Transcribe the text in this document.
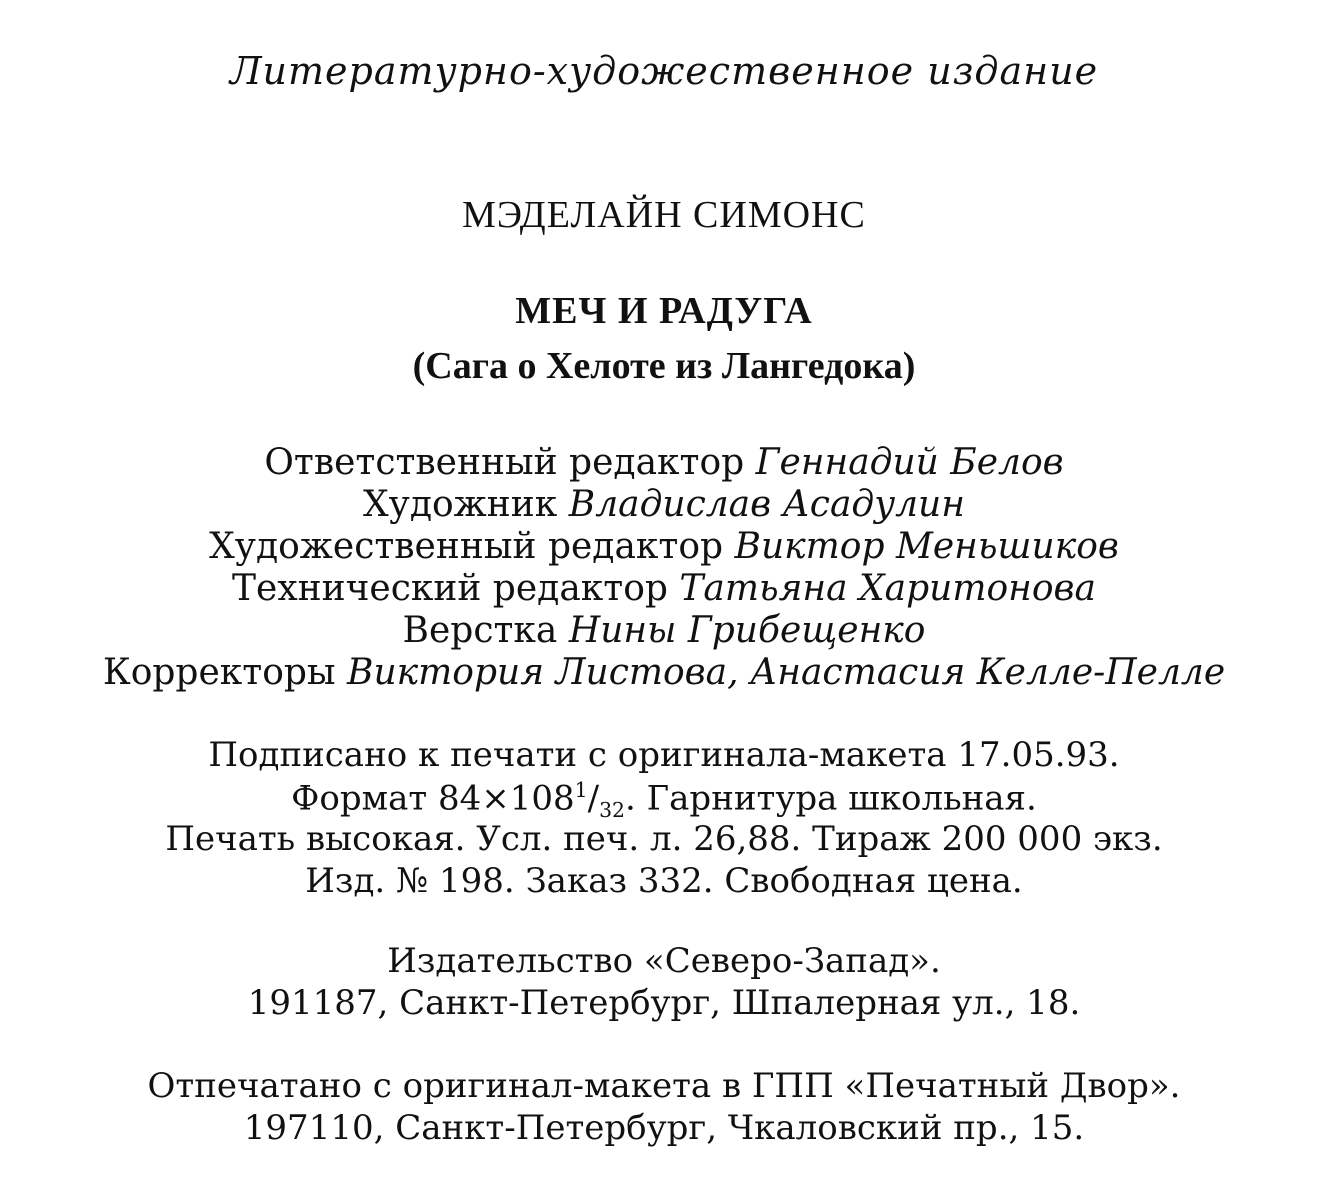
Литературно-художественное издание
МЭДЕЛАЙН СИМОНС
МЕЧ И РАДУГА
(Сага о Хелоте из Лангедока)
Ответственный редактор Геннадий Белов
Художник Владислав Асадулин
Художественный редактор Виктор Меньшиков
Технический редактор Татьяна Харитонова
Верстка Нины Грибещенко
Корректоры Виктория Листова, Анастасия Келле-Пелле
Подписано к печати с оригинала-макета 17.05.93.
Формат $84\times 108^1/_{32}$. Гарнитура школьная.
Печать высокая. Усл. печ. л. 26,88. Тираж 200 000 экз.
Изд. № 198. Заказ 332. Свободная цена.
Издательство «Северо-Запад».
191187, Санкт-Петербург, Шпалерная ул., 18.
Отпечатано с оригинал-макета в ГПП «Печатный Двор».
197110, Санкт-Петербург, Чкаловский пр., 15.
